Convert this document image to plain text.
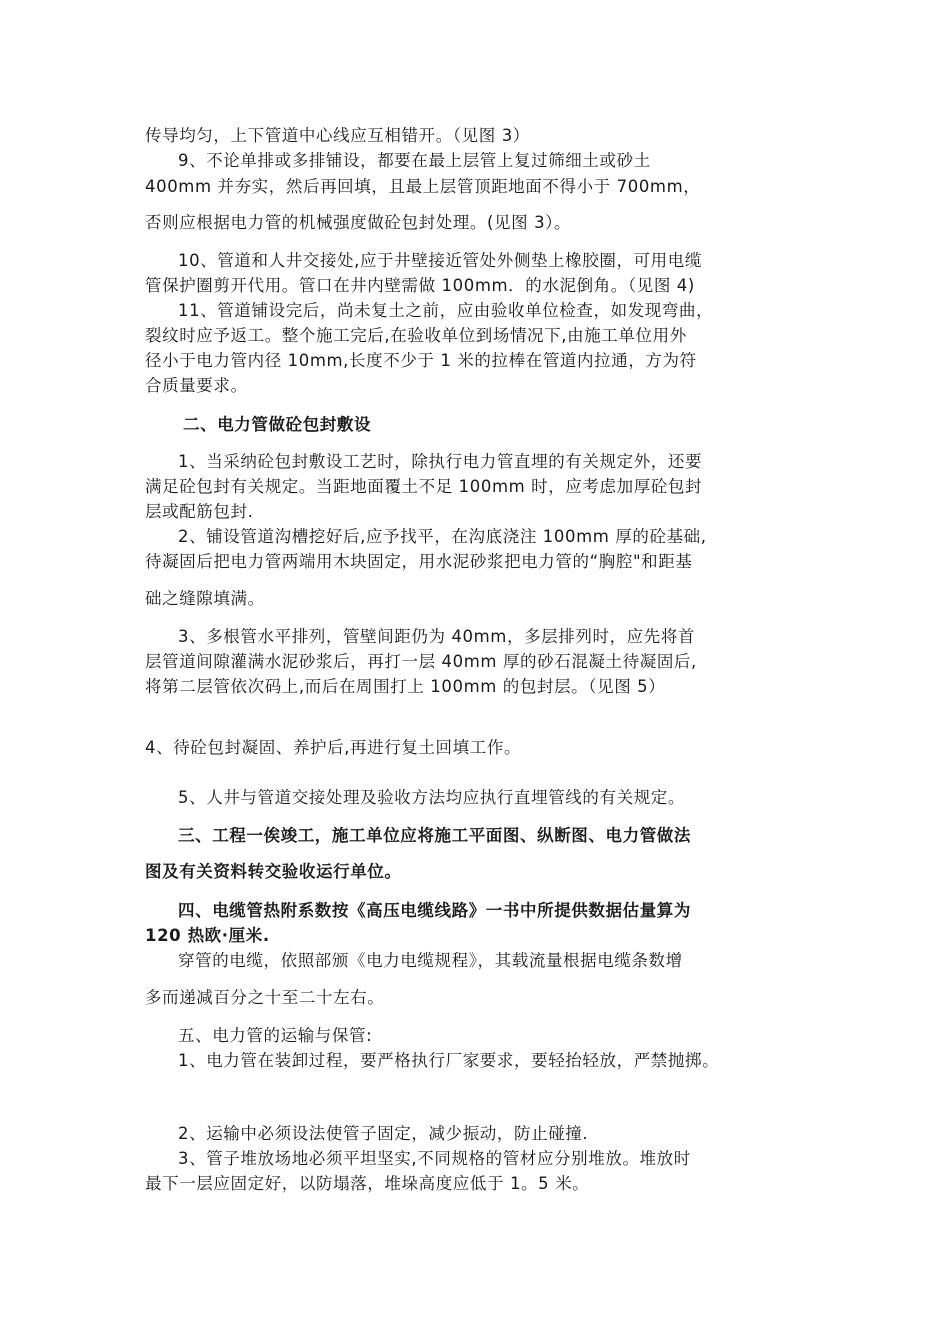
传导均匀，上下管道中心线应互相错开。（见图 3）
9、不论单排或多排铺设，都要在最上层管上复过筛细土或砂土
400mm 并夯实，然后再回填，且最上层管顶距地面不得小于 700mm，
否则应根据电力管的机械强度做砼包封处理。(见图 3）。
10、管道和人井交接处,应于井壁接近管处外侧垫上橡胶圈，可用电缆
管保护圈剪开代用。管口在井内壁需做 100mm．的水泥倒角。（见图 4)
11、管道铺设完后，尚未复土之前，应由验收单位检查，如发现弯曲，
裂纹时应予返工。整个施工完后,在验收单位到场情况下,由施工单位用外
径小于电力管内径 10mm,长度不少于 1 米的拉棒在管道内拉通，方为符
合质量要求。
二、电力管做砼包封敷设
1、当采纳砼包封敷设工艺时，除执行电力管直埋的有关规定外，还要
满足砼包封有关规定。当距地面覆土不足 100mm 时，应考虑加厚砼包封
层或配筋包封.
2、铺设管道沟槽挖好后,应予找平，在沟底浇注 100mm 厚的砼基础,
待凝固后把电力管两端用木块固定，用水泥砂浆把电力管的“胸腔"和距基
础之缝隙填满。
3、多根管水平排列，管壁间距仍为 40mm，多层排列时，应先将首
层管道间隙灌满水泥砂浆后，再打一层 40mm 厚的砂石混凝土待凝固后,
将第二层管依次码上,而后在周围打上 100mm 的包封层。（见图 5）
4、待砼包封凝固、养护后,再进行复土回填工作。
5、人井与管道交接处理及验收方法均应执行直埋管线的有关规定。
三、工程一俟竣工，施工单位应将施工平面图、纵断图、电力管做法
图及有关资料转交验收运行单位。
四、电缆管热附系数按《高压电缆线路》一书中所提供数据估量算为
120 热欧·厘米.
穿管的电缆，依照部颁《电力电缆规程》，其载流量根据电缆条数增
多而递减百分之十至二十左右。
五、电力管的运输与保管:
1、电力管在装卸过程，要严格执行厂家要求，要轻抬轻放，严禁抛掷。
2、运输中必须设法使管子固定，减少振动，防止碰撞.
3、管子堆放场地必须平坦坚实,不同规格的管材应分别堆放。堆放时
最下一层应固定好，以防塌落，堆垛高度应低于 1。5 米。
